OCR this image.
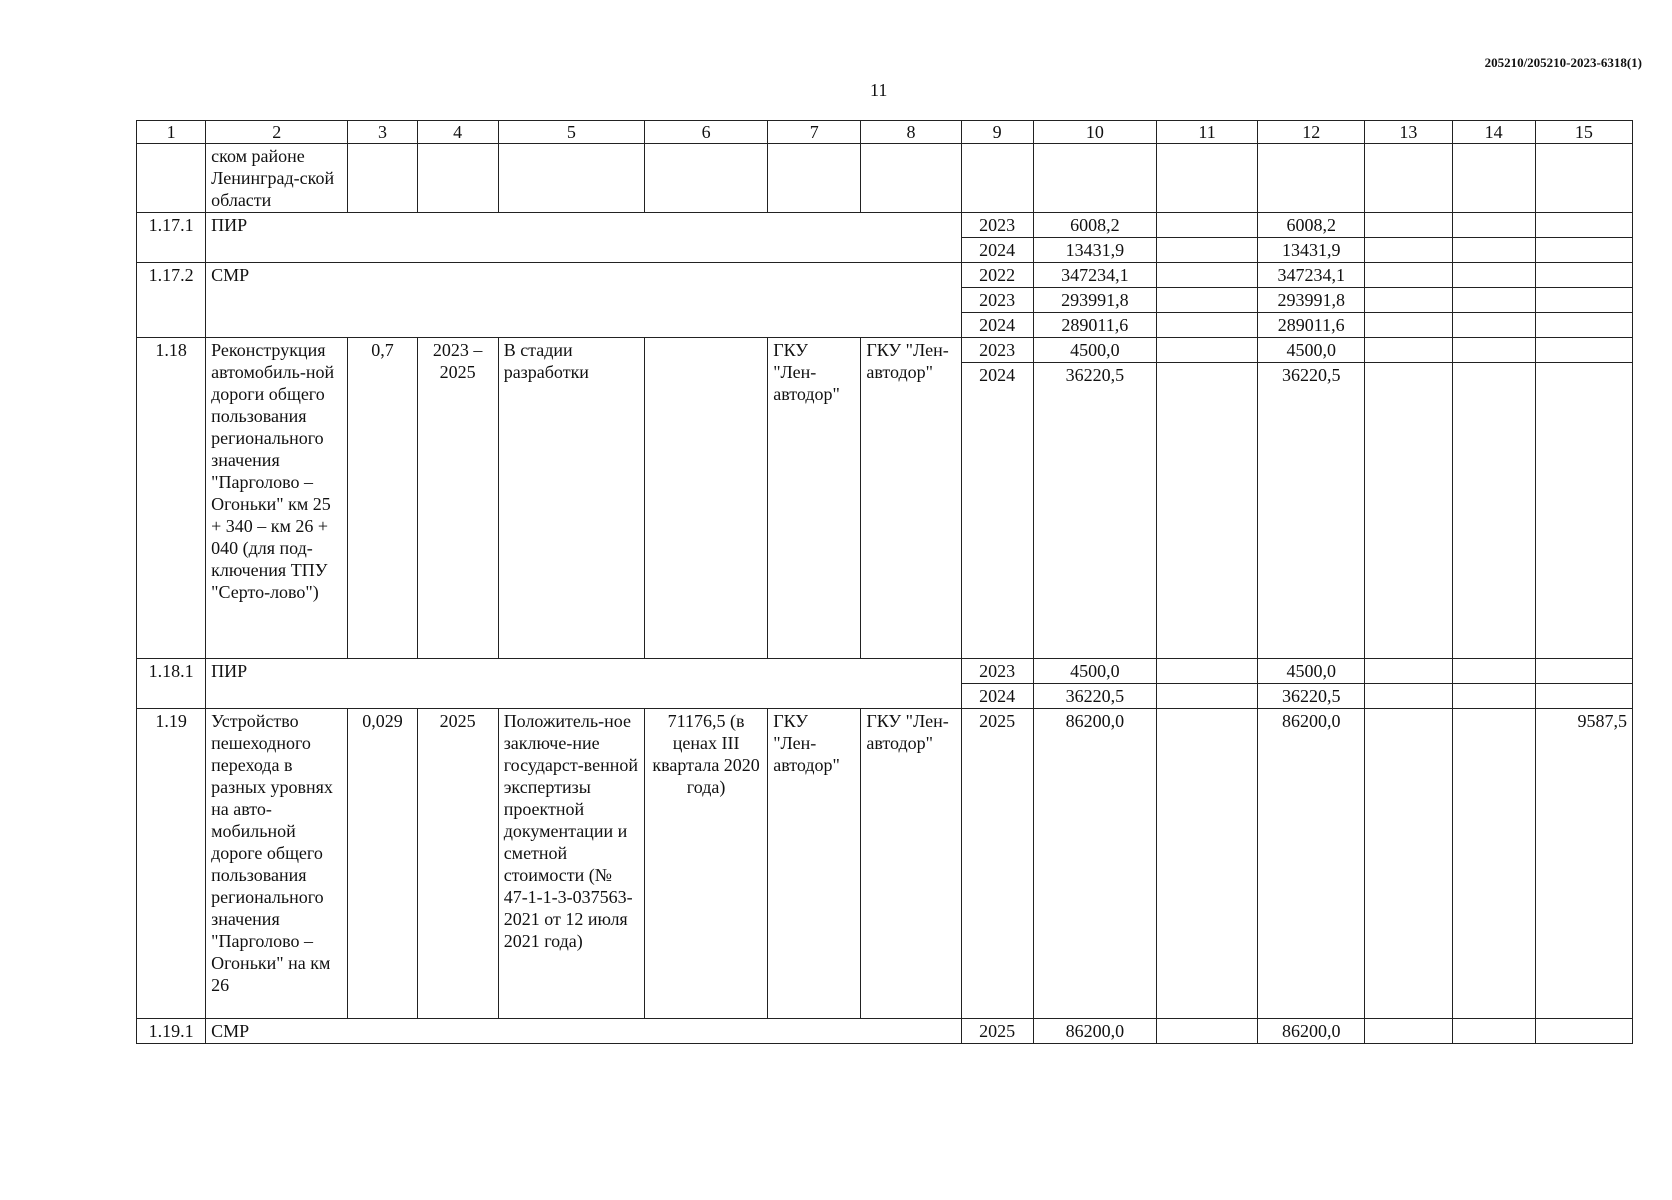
205210/205210-2023-6318(1)
11
1	2	3	4	5	6	7	8	9	10	11	12	13	14	15
	ском районе Ленинград-ской области													
1.17.1	ПИР							2023	6008,2		6008,2			
								2024	13431,9		13431,9			
1.17.2	СМР							2022	347234,1		347234,1			
								2023	293991,8		293991,8			
								2024	289011,6		289011,6			
1.18	Реконструкция автомобиль-ной дороги общего пользования регионального значения "Парголово – Огоньки" км 25 + 340 – км 26 + 040 (для под-ключения ТПУ "Серто-лово")	0,7	2023 – 2025	В стадии разработки		ГКУ "Лен-автодор"	ГКУ "Лен-автодор"	2023	4500,0		4500,0			
								2024	36220,5		36220,5			
1.18.1	ПИР							2023	4500,0		4500,0			
								2024	36220,5		36220,5			
1.19	Устройство пешеходного перехода в разных уровнях на авто-мобильной дороге общего пользования регионального значения "Парголово – Огоньки" на км 26	0,029	2025	Положитель-ное заключе-ние государст-венной экспертизы проектной документации и сметной стоимости (№ 47-1-1-3-037563-2021 от 12 июля 2021 года)	71176,5 (в ценах III квартала 2020 года)	ГКУ "Лен-автодор"	ГКУ "Лен-автодор"	2025	86200,0		86200,0			9587,5
1.19.1	СМР							2025	86200,0		86200,0			
